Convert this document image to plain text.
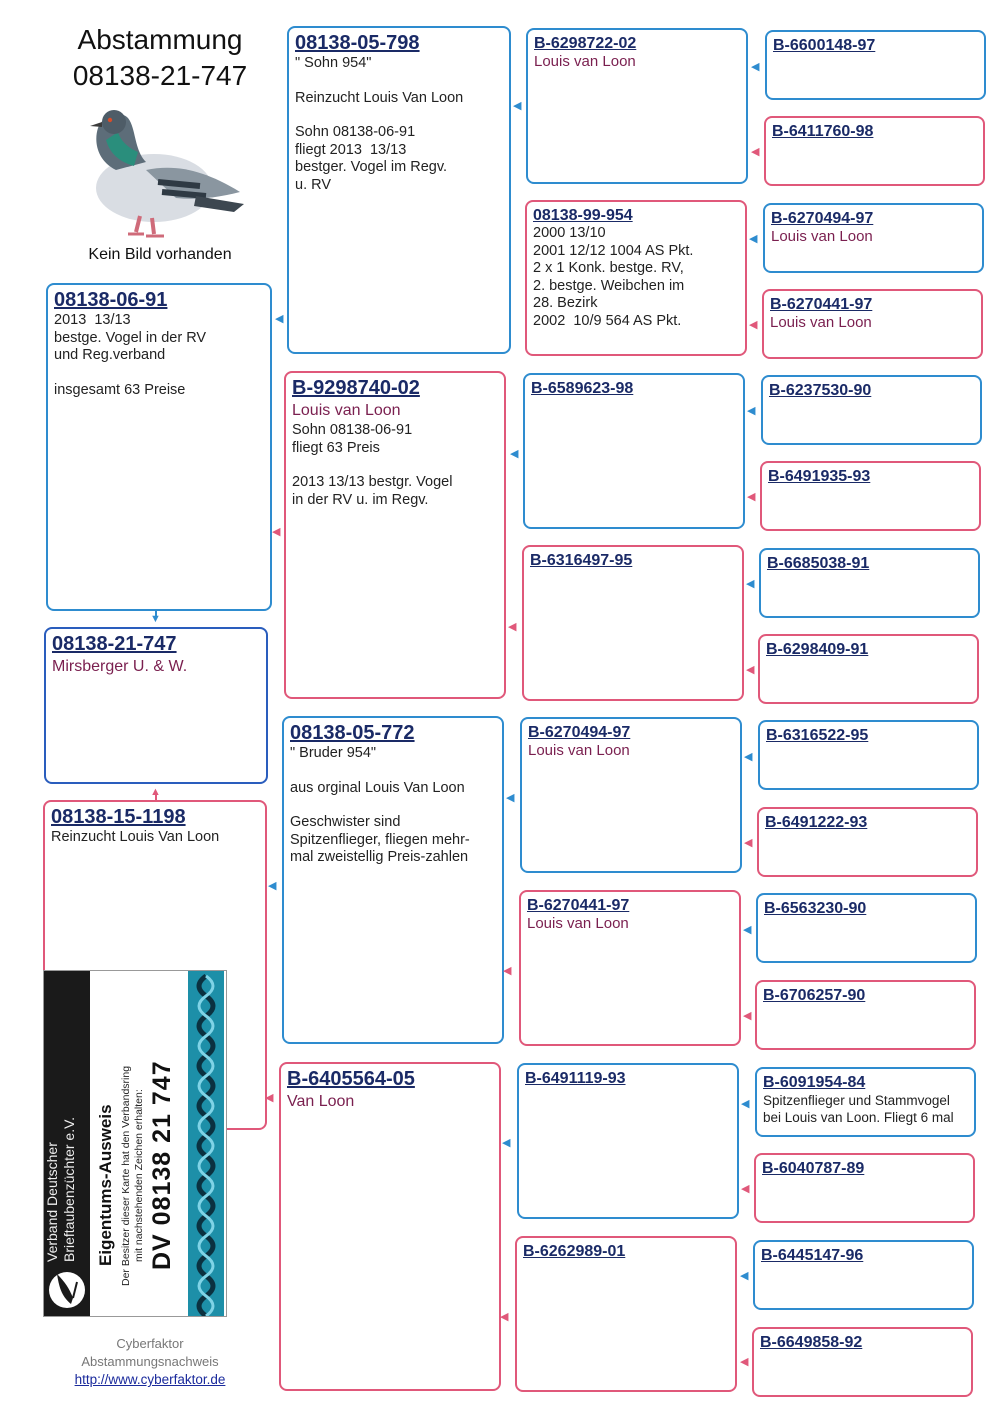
Abstammung
08138-21-747
Kein Bild vorhanden
08138-06-91
2013  13/13
bestge. Vogel in der RV
und Reg.verband
insgesamt 63 Preise
08138-21-747
Mirsberger U. & W.
08138-15-1198
Reinzucht Louis Van Loon
08138-05-798
" Sohn 954"
Reinzucht Louis Van Loon
Sohn 08138-06-91
fliegt 2013  13/13
bestger. Vogel im Regv.
u. RV
B-9298740-02
Louis van Loon
Sohn 08138-06-91
fliegt 63 Preis
2013 13/13 bestgr. Vogel
in der RV u. im Regv.
08138-05-772
" Bruder 954"
aus orginal Louis Van Loon
Geschwister sind
Spitzenflieger, fliegen mehr-
mal zweistellig Preis-zahlen
B-6405564-05
Van Loon
B-6298722-02
Louis van Loon
08138-99-954
2000 13/10
2001 12/12 1004 AS Pkt.
2 x 1 Konk. bestge. RV,
2. bestge. Weibchen im
28. Bezirk
2002  10/9 564 AS Pkt.
B-6589623-98
B-6316497-95
B-6270494-97
Louis van Loon
B-6270441-97
Louis van Loon
B-6491119-93
B-6262989-01
B-6600148-97
B-6411760-98
B-6270494-97
Louis van Loon
B-6270441-97
Louis van Loon
B-6237530-90
B-6491935-93
B-6685038-91
B-6298409-91
B-6316522-95
B-6491222-93
B-6563230-90
B-6706257-90
B-6091954-84
Spitzenflieger und Stammvogel
bei Louis van Loon. Fliegt 6 mal
B-6040787-89
B-6445147-96
B-6649858-92
◀
◀
◀
◀
◀
◀
◀
◀
◀
◀
◀
◀
◀
◀
◀
◀
◀
◀
◀
◀
◀
◀
◀	◀
◀
◀
◀
▼
▲
Verband Deutscher Brieftaubenzüchter e.V. Eigentums-Ausweis Der Besitzer dieser Karte hat den Verbandsring mit nachstehenden Zeichen erhalten: DV 08138 21 747
Cyberfaktor
Abstammungsnachweis
http://www.cyberfaktor.de
